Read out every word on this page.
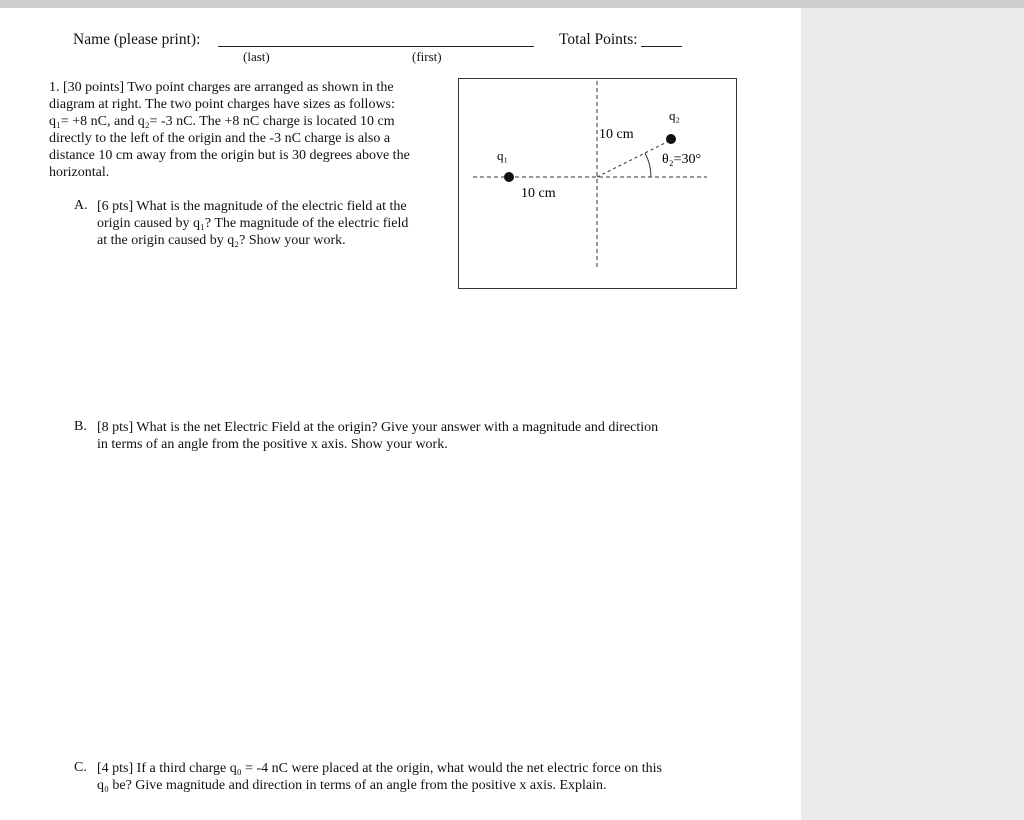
Name (please print):
(last)	(first)
Total Points:
1. [30 points] Two point charges are arranged as shown in the
diagram at right. The two point charges have sizes as follows:
q₁= +8 nC, and q₂= -3 nC. The +8 nC charge is located 10 cm
directly to the left of the origin and the -3 nC charge is also a
distance 10 cm away from the origin but is 30 degrees above the
horizontal.
A. [6 pts] What is the magnitude of the electric field at the
origin caused by q₁? The magnitude of the electric field
at the origin caused by q₂? Show your work.
q₁
q₂
10 cm
10 cm
θ₂=30°
B. [8 pts] What is the net Electric Field at the origin? Give your answer with a magnitude and direction
in terms of an angle from the positive x axis. Show your work.
C. [4 pts] If a third charge q₀ = -4 nC were placed at the origin, what would the net electric force on this
q₀ be? Give magnitude and direction in terms of an angle from the positive x axis. Explain.
